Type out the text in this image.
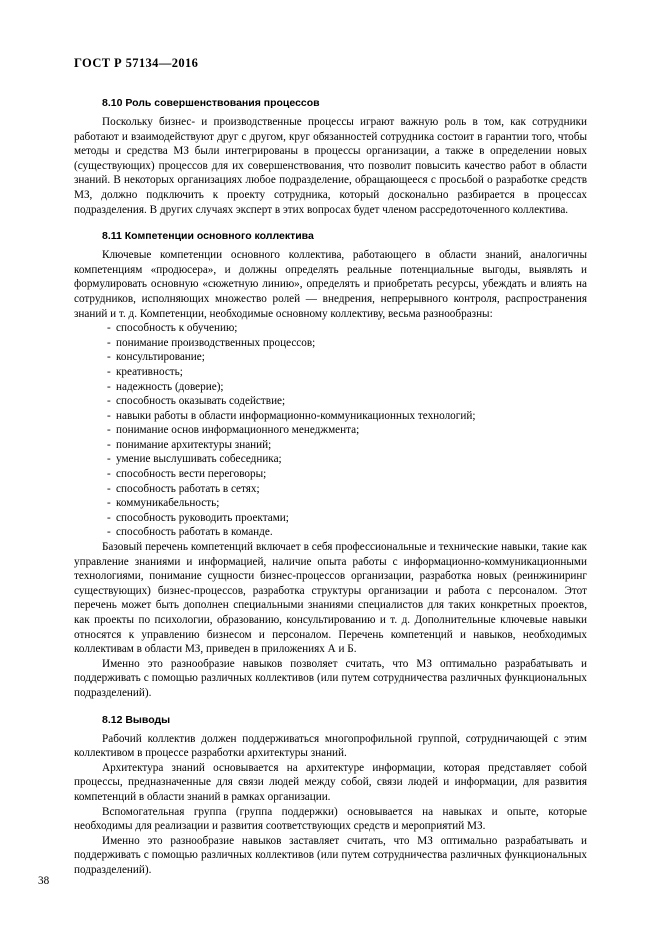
ГОСТ Р 57134—2016
8.10 Роль совершенствования процессов

Поскольку бизнес- и производственные процессы играют важную роль в том, как сотрудники работают и взаимодействуют друг с другом, круг обязанностей сотрудника состоит в гарантии того, чтобы методы и средства МЗ были интегрированы в процессы организации, а также в определении новых (существующих) процессов для их совершенствования, что позволит повысить качество работ в области знаний. В некоторых организациях любое подразделение, обращающееся с просьбой о разработке средств МЗ, должно подключить к проекту сотрудника, который досконально разбирается в процессах подразделения. В других случаях эксперт в этих вопросах будет членом рассредоточенного коллектива.

8.11 Компетенции основного коллектива

Ключевые компетенции основного коллектива, работающего в области знаний, аналогичны компетенциям «продюсера», и должны определять реальные потенциальные выгоды, выявлять и формулировать основную «сюжетную линию», определять и приобретать ресурсы, убеждать и влиять на сотрудников, исполняющих множество ролей — внедрения, непрерывного контроля, распространения знаний и т. д. Компетенции, необходимые основному коллективу, весьма разнообразны:

- способность к обучению;
- понимание производственных процессов;
- консультирование;
- креативность;
- надежность (доверие);
- способность оказывать содействие;
- навыки работы в области информационно-коммуникационных технологий;
- понимание основ информационного менеджмента;
- понимание архитектуры знаний;
- умение выслушивать собеседника;
- способность вести переговоры;
- способность работать в сетях;
- коммуникабельность;
- способность руководить проектами;
- способность работать в команде.

Базовый перечень компетенций включает в себя профессиональные и технические навыки, такие как управление знаниями и информацией, наличие опыта работы с информационно-коммуникационными технологиями, понимание сущности бизнес-процессов организации, разработка новых (реинжиниринг существующих) бизнес-процессов, разработка структуры организации и работа с персоналом. Этот перечень может быть дополнен специальными знаниями специалистов для таких конкретных проектов, как проекты по психологии, образованию, консультированию и т. д. Дополнительные ключевые навыки относятся к управлению бизнесом и персоналом. Перечень компетенций и навыков, необходимых коллективам в области МЗ, приведен в приложениях А и Б.

Именно это разнообразие навыков позволяет считать, что МЗ оптимально разрабатывать и поддерживать с помощью различных коллективов (или путем сотрудничества различных функциональных подразделений).

8.12 Выводы

Рабочий коллектив должен поддерживаться многопрофильной группой, сотрудничающей с этим коллективом в процессе разработки архитектуры знаний.

Архитектура знаний основывается на архитектуре информации, которая представляет собой процессы, предназначенные для связи людей между собой, связи людей и информации, для развития компетенций в области знаний в рамках организации.

Вспомогательная группа (группа поддержки) основывается на навыках и опыте, которые необходимы для реализации и развития соответствующих средств и мероприятий МЗ.

Именно это разнообразие навыков заставляет считать, что МЗ оптимально разрабатывать и поддерживать с помощью различных коллективов (или путем сотрудничества различных функциональных подразделений).

38
